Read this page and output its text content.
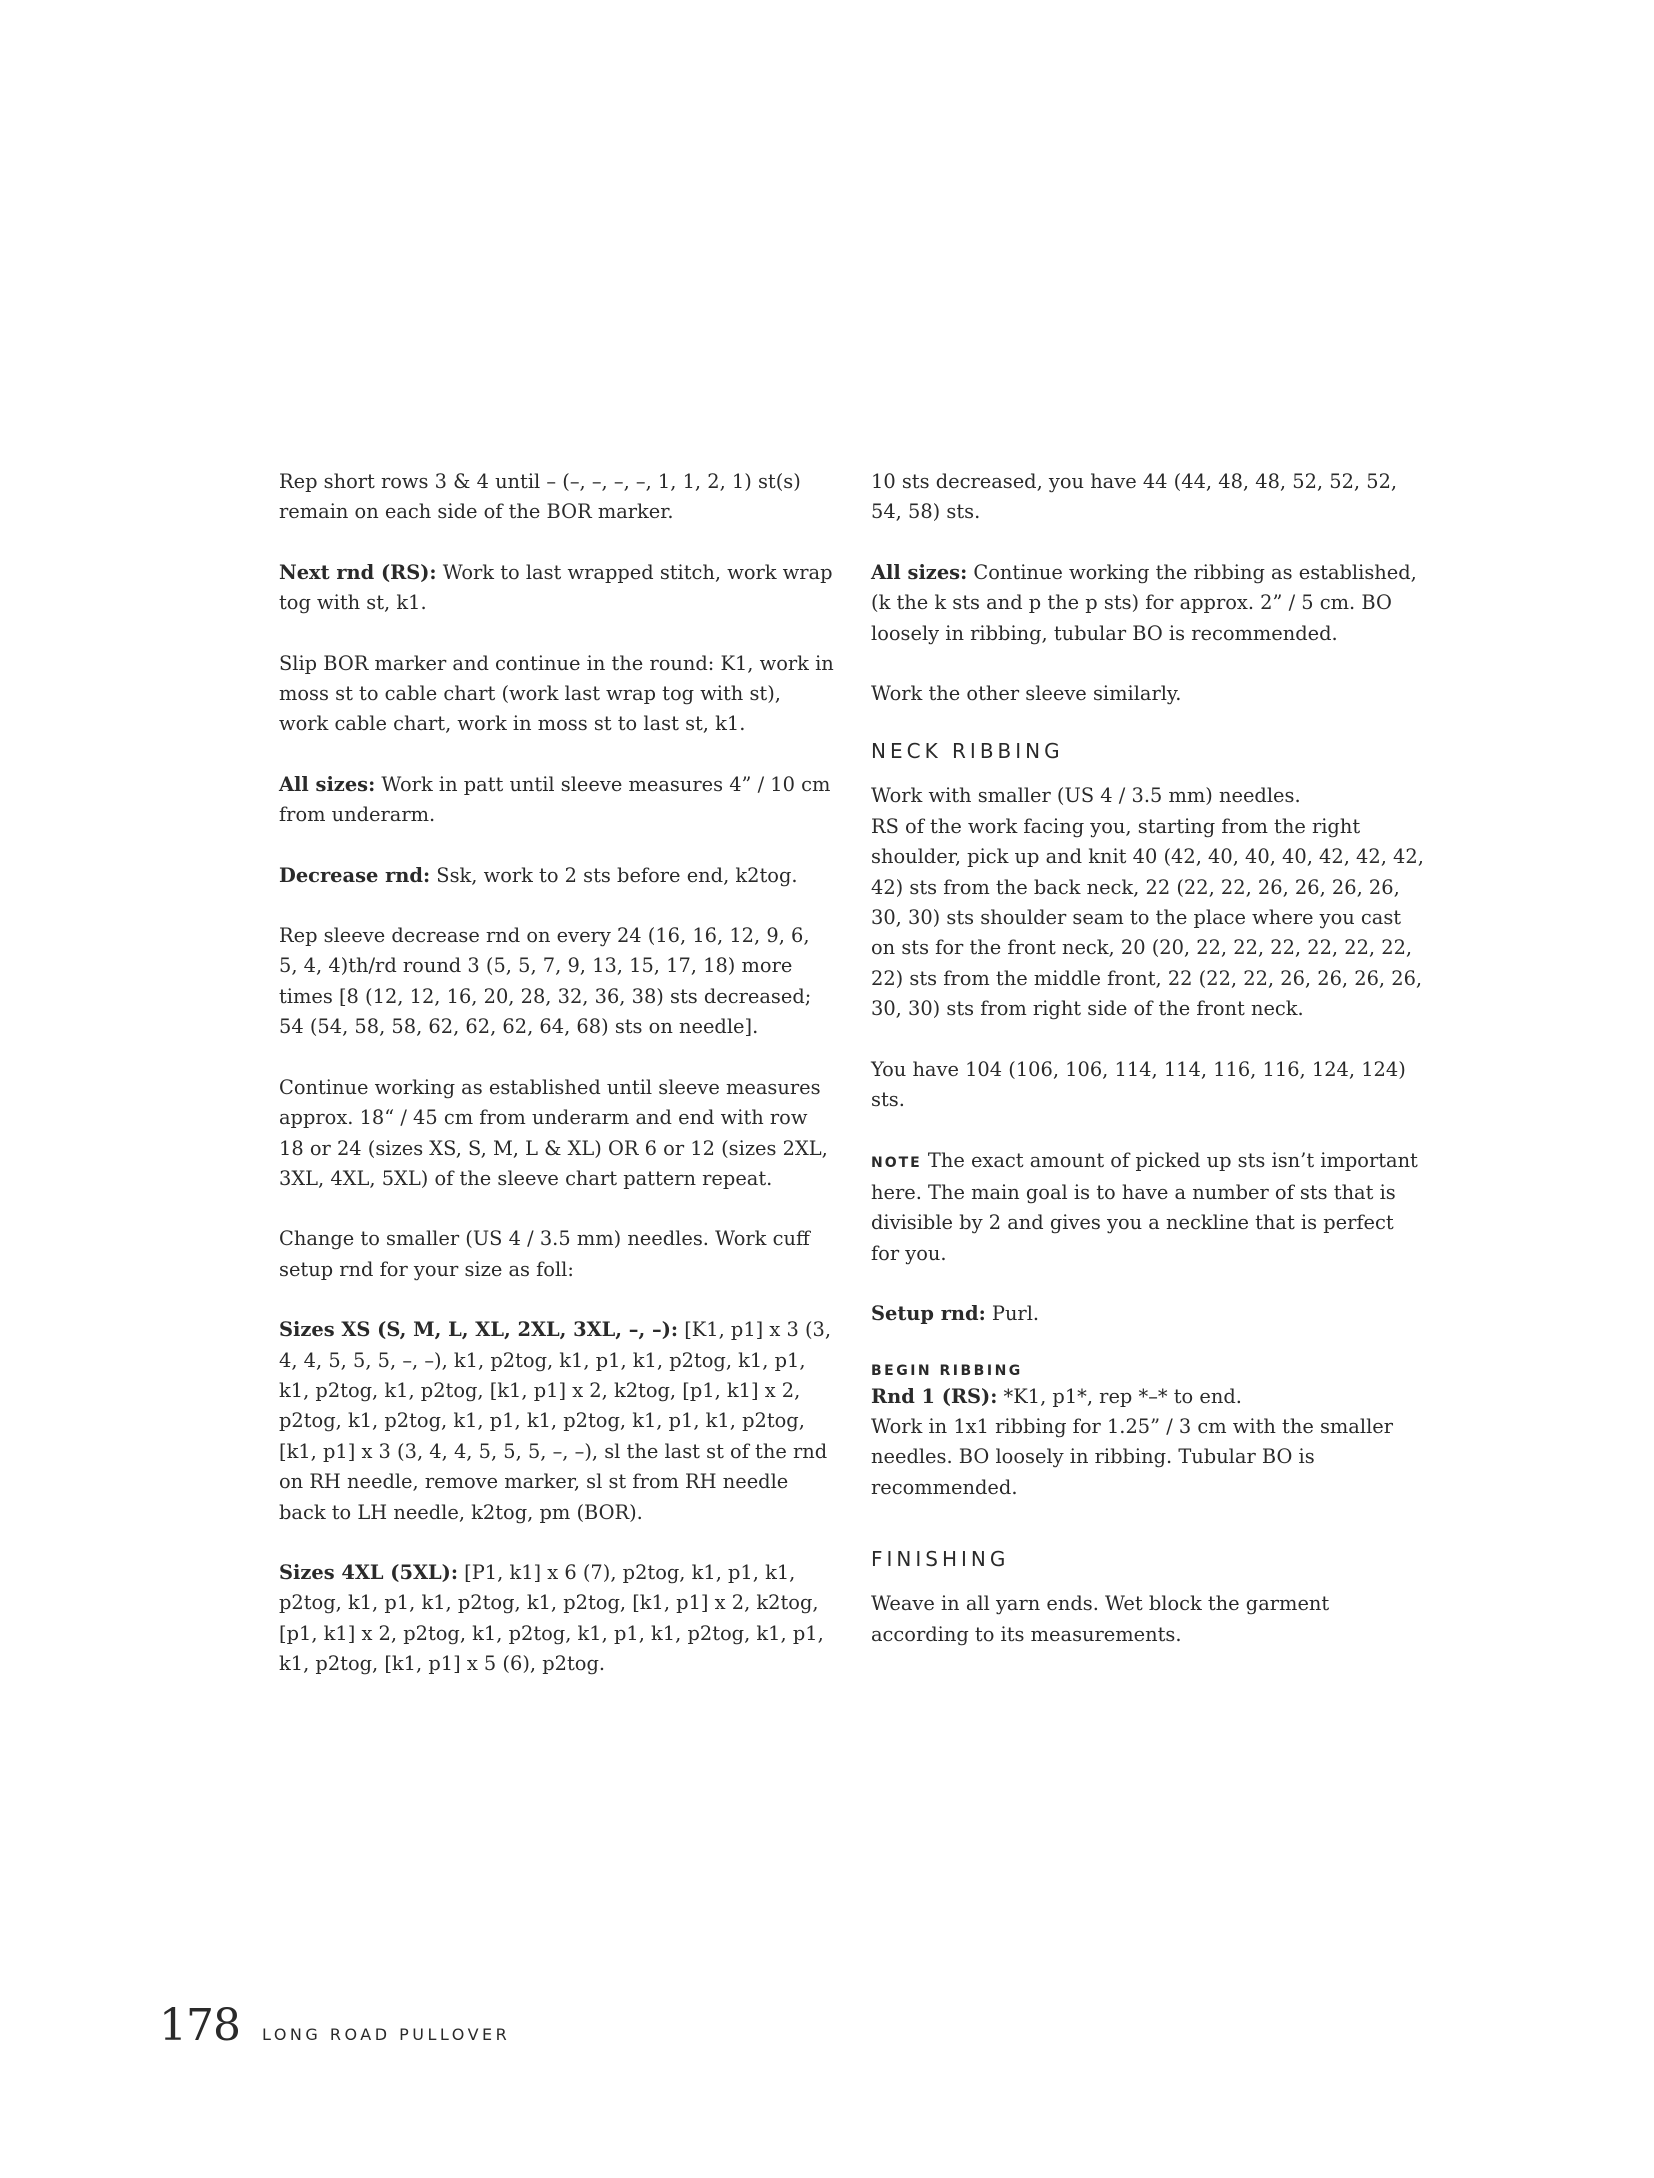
Rep short rows 3 & 4 until – (–, –, –, –, 1, 1, 2, 1) st(s) remain on each side of the BOR marker.

Next rnd (RS): Work to last wrapped stitch, work wrap tog with st, k1.

Slip BOR marker and continue in the round: K1, work in moss st to cable chart (work last wrap tog with st), work cable chart, work in moss st to last st, k1.

All sizes: Work in patt until sleeve measures 4” / 10 cm from underarm.

Decrease rnd: Ssk, work to 2 sts before end, k2tog.

Rep sleeve decrease rnd on every 24 (16, 16, 12, 9, 6, 5, 4, 4)th/rd round 3 (5, 5, 7, 9, 13, 15, 17, 18) more times [8 (12, 12, 16, 20, 28, 32, 36, 38) sts decreased; 54 (54, 58, 58, 62, 62, 62, 64, 68) sts on needle].

Continue working as established until sleeve measures approx. 18“ / 45 cm from underarm and end with row 18 or 24 (sizes XS, S, M, L & XL) OR 6 or 12 (sizes 2XL, 3XL, 4XL, 5XL) of the sleeve chart pattern repeat.

Change to smaller (US 4 / 3.5 mm) needles. Work cuff setup rnd for your size as foll:

Sizes XS (S, M, L, XL, 2XL, 3XL, –, –): [K1, p1] x 3 (3, 4, 4, 5, 5, 5, –, –), k1, p2tog, k1, p1, k1, p2tog, k1, p1, k1, p2tog, k1, p2tog, [k1, p1] x 2, k2tog, [p1, k1] x 2, p2tog, k1, p2tog, k1, p1, k1, p2tog, k1, p1, k1, p2tog, [k1, p1] x 3 (3, 4, 4, 5, 5, 5, –, –), sl the last st of the rnd on RH needle, remove marker, sl st from RH needle back to LH needle, k2tog, pm (BOR).

Sizes 4XL (5XL): [P1, k1] x 6 (7), p2tog, k1, p1, k1, p2tog, k1, p1, k1, p2tog, k1, p2tog, [k1, p1] x 2, k2tog, [p1, k1] x 2, p2tog, k1, p2tog, k1, p1, k1, p2tog, k1, p1, k1, p2tog, [k1, p1] x 5 (6), p2tog.

10 sts decreased, you have 44 (44, 48, 48, 52, 52, 52, 54, 58) sts.

All sizes: Continue working the ribbing as established, (k the k sts and p the p sts) for approx. 2” / 5 cm. BO loosely in ribbing, tubular BO is recommended.

Work the other sleeve similarly.

NECK RIBBING

Work with smaller (US 4 / 3.5 mm) needles.
RS of the work facing you, starting from the right shoulder, pick up and knit 40 (42, 40, 40, 40, 42, 42, 42, 42) sts from the back neck, 22 (22, 22, 26, 26, 26, 26, 30, 30) sts shoulder seam to the place where you cast on sts for the front neck, 20 (20, 22, 22, 22, 22, 22, 22, 22) sts from the middle front, 22 (22, 22, 26, 26, 26, 26, 30, 30) sts from right side of the front neck.

You have 104 (106, 106, 114, 114, 116, 116, 124, 124) sts.

NOTE The exact amount of picked up sts isn’t important here. The main goal is to have a number of sts that is divisible by 2 and gives you a neckline that is perfect for you.

Setup rnd: Purl.

BEGIN RIBBING
Rnd 1 (RS): *K1, p1*, rep *–* to end.
Work in 1x1 ribbing for 1.25” / 3 cm with the smaller needles. BO loosely in ribbing. Tubular BO is recommended.

FINISHING

Weave in all yarn ends. Wet block the garment according to its measurements.

178 LONG ROAD PULLOVER
